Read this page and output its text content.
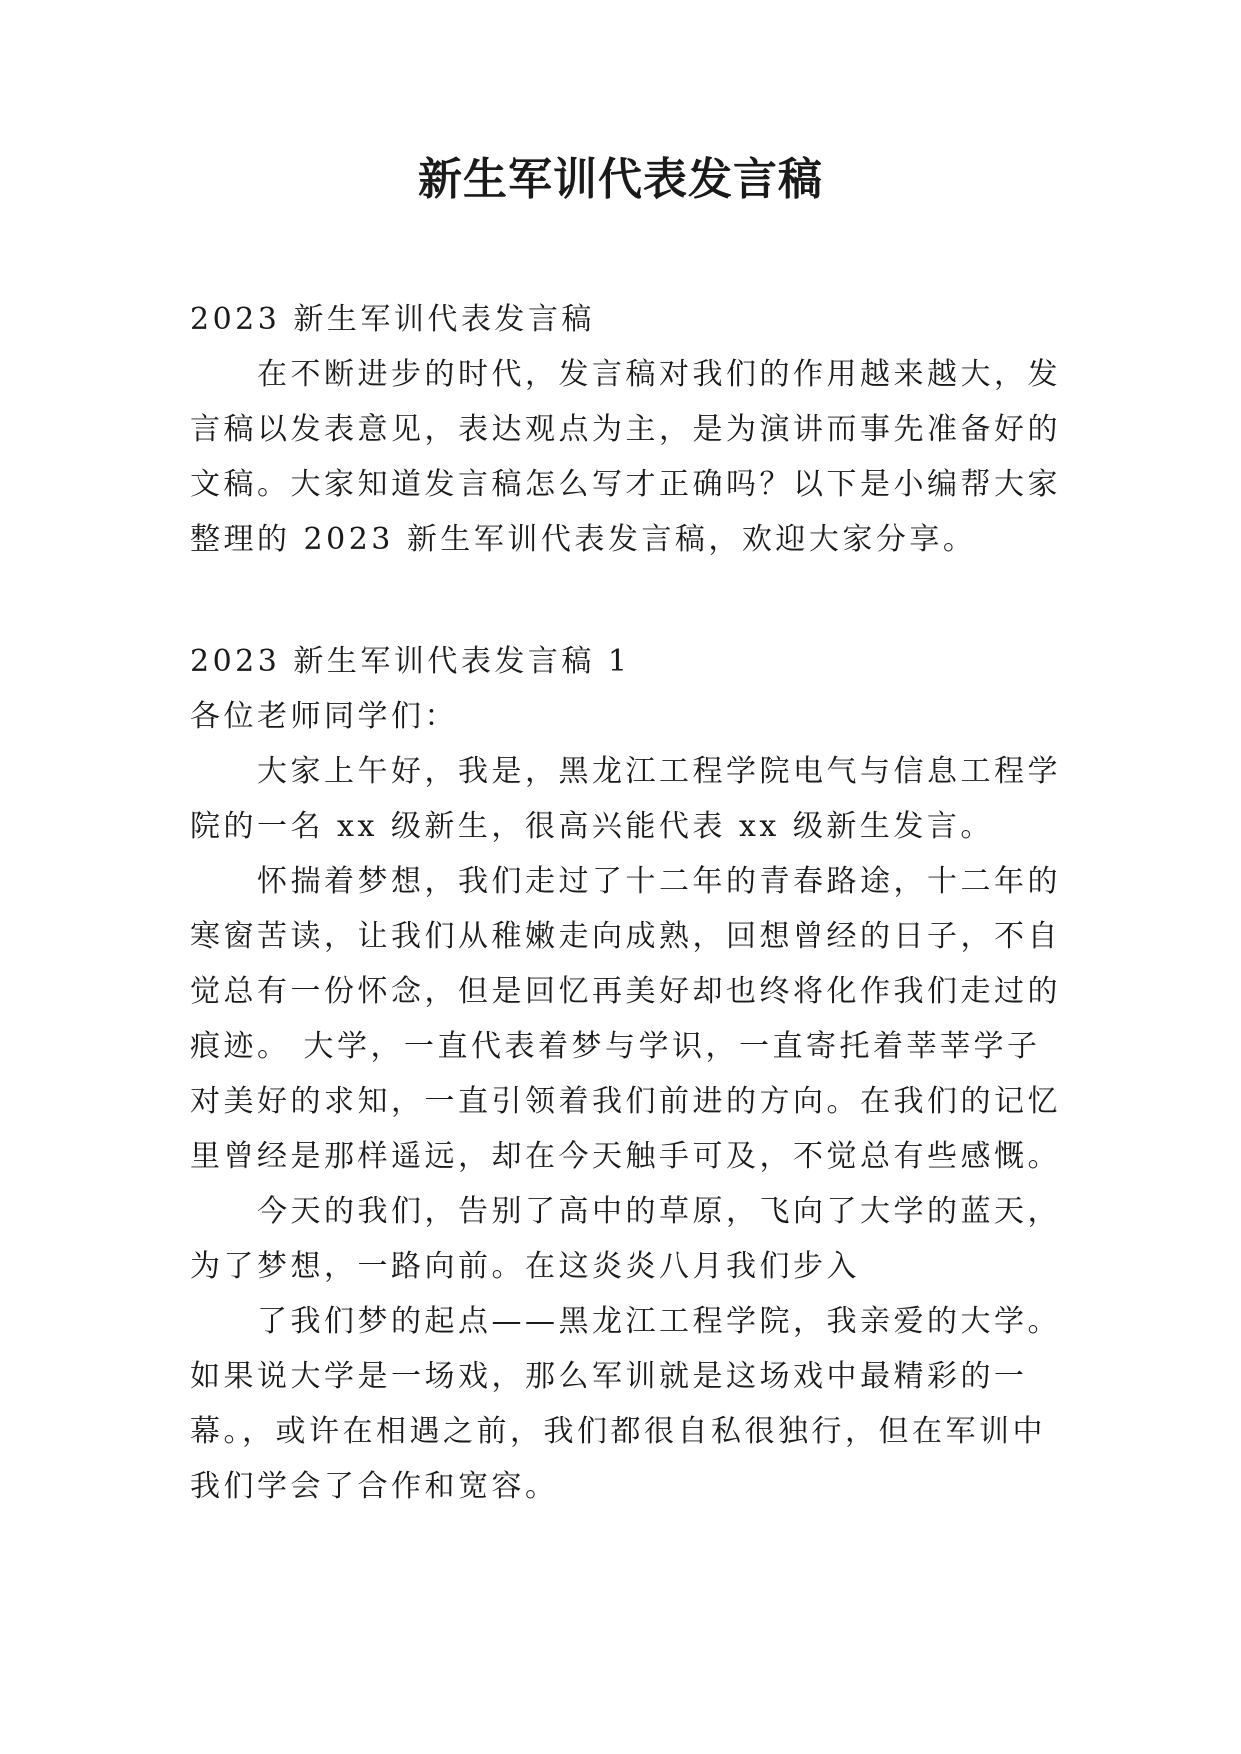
新生军训代表发言稿
2023 新生军训代表发言稿
在不断进步的时代，发言稿对我们的作用越来越大，发
言稿以发表意见，表达观点为主，是为演讲而事先准备好的
文稿。大家知道发言稿怎么写才正确吗？以下是小编帮大家
整理的 2023 新生军训代表发言稿，欢迎大家分享。
2023 新生军训代表发言稿 1
各位老师同学们：
大家上午好，我是，黑龙江工程学院电气与信息工程学
院的一名 xx 级新生，很高兴能代表 xx 级新生发言。
怀揣着梦想，我们走过了十二年的青春路途，十二年的
寒窗苦读，让我们从稚嫩走向成熟，回想曾经的日子，不自
觉总有一份怀念，但是回忆再美好却也终将化作我们走过的
痕迹。 大学，一直代表着梦与学识，一直寄托着莘莘学子
对美好的求知，一直引领着我们前进的方向。在我们的记忆
里曾经是那样遥远，却在今天触手可及，不觉总有些感慨。
今天的我们，告别了高中的草原，飞向了大学的蓝天，
为了梦想，一路向前。在这炎炎八月我们步入
了我们梦的起点——黑龙江工程学院，我亲爱的大学。
如果说大学是一场戏，那么军训就是这场戏中最精彩的一
幕。，或许在相遇之前，我们都很自私很独行，但在军训中
我们学会了合作和宽容。
